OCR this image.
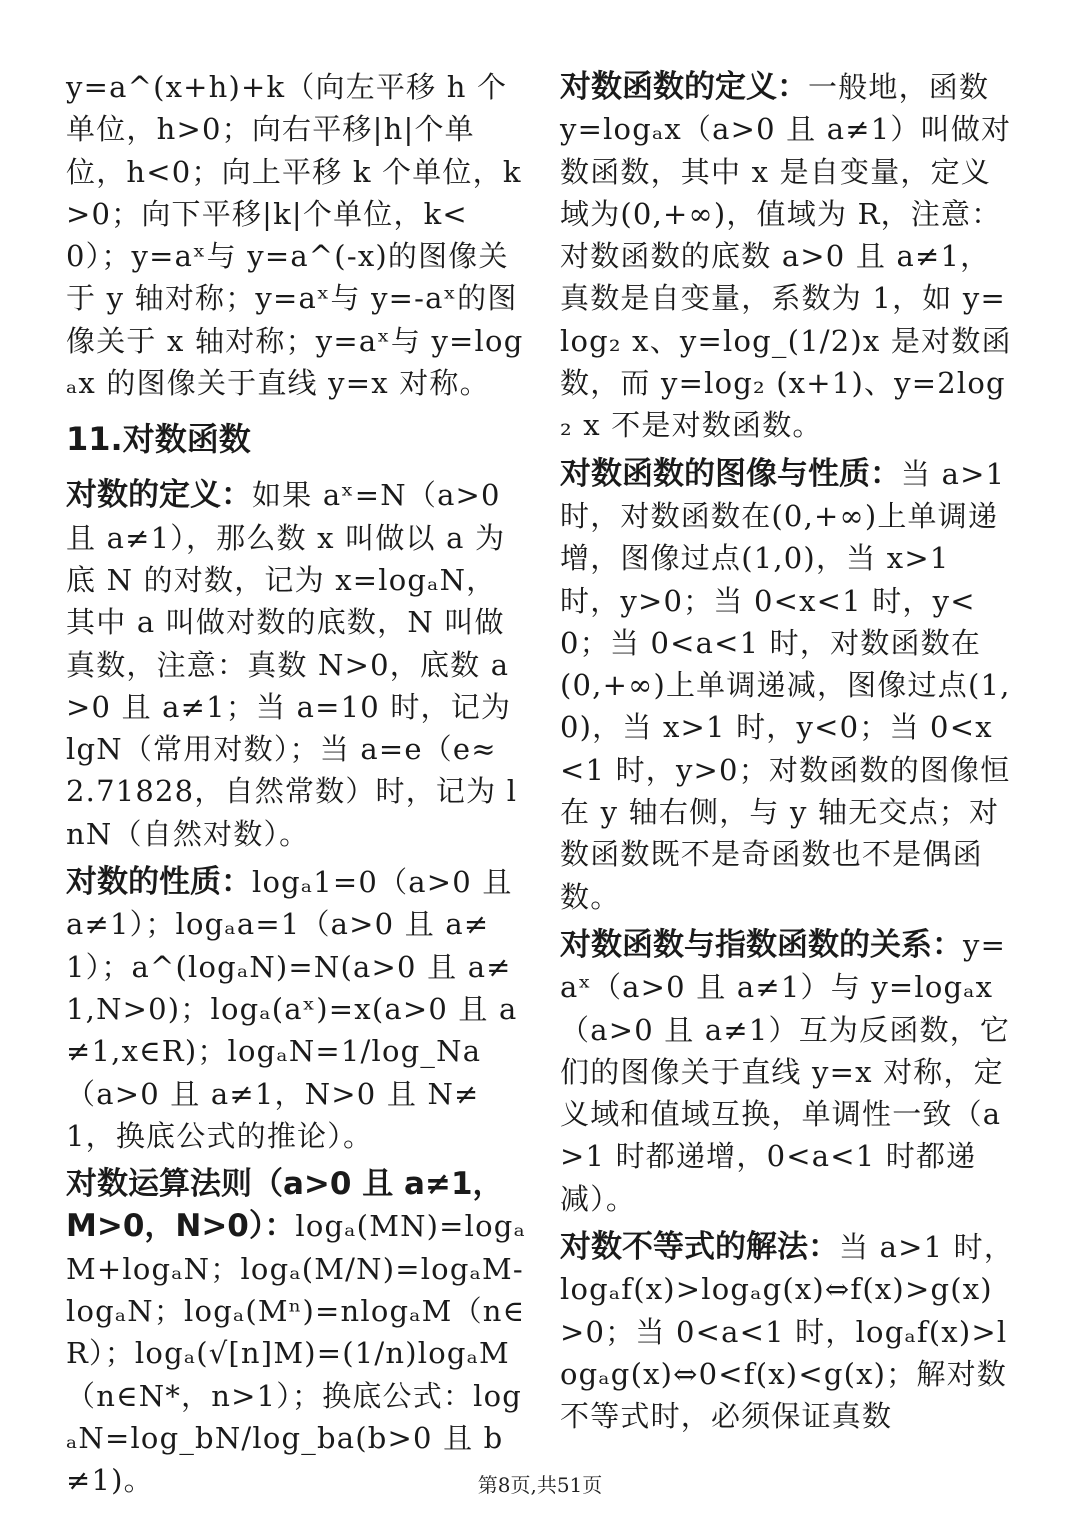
y=a^(x+h)+k（向左平移 h 个单位，h>0；向右平移|h|个单位，h<0；向上平移 k 个单位，k>0；向下平移|k|个单位，k<0）；y=aˣ与 y=a^(-x)的图像关于 y 轴对称；y=aˣ与 y=-aˣ的图像关于 x 轴对称；y=aˣ与 y=logₐx 的图像关于直线 y=x 对称。

11.对数函数

对数的定义：如果 aˣ=N（a>0 且 a≠1），那么数 x 叫做以 a 为底 N 的对数，记为 x=logₐN，其中 a 叫做对数的底数，N 叫做真数，注意：真数 N>0，底数 a>0 且 a≠1；当 a=10 时，记为 lgN（常用对数）；当 a=e（e≈2.71828，自然常数）时，记为 lnN（自然对数）。

对数的性质：logₐ1=0（a>0 且 a≠1）；logₐa=1（a>0 且 a≠1）；a^(logₐN)=N(a>0 且 a≠1,N>0)；logₐ(aˣ)=x(a>0 且 a≠1,x∈R)；logₐN=1/log_Na（a>0 且 a≠1，N>0 且 N≠1，换底公式的推论）。

对数运算法则（a>0 且 a≠1，M>0，N>0）：logₐ(MN)=logₐM+logₐN；logₐ(M/N)=logₐM-logₐN；logₐ(Mⁿ)=nlogₐM（n∈R）；logₐ(√[n]M)=(1/n)logₐM（n∈N*，n>1）；换底公式：logₐN=log_bN/log_ba(b>0 且 b≠1)。

对数函数的定义：一般地，函数 y=logₐx（a>0 且 a≠1）叫做对数函数，其中 x 是自变量，定义域为(0,+∞)，值域为 R，注意：对数函数的底数 a>0 且 a≠1，真数是自变量，系数为 1，如 y=log₂ x、y=log_(1/2)x 是对数函数，而 y=log₂ (x+1)、y=2log₂ x 不是对数函数。

对数函数的图像与性质：当 a>1 时，对数函数在(0,+∞)上单调递增，图像过点(1,0)，当 x>1 时，y>0；当 0<x<1 时，y<0；当 0<a<1 时，对数函数在(0,+∞)上单调递减，图像过点(1,0)，当 x>1 时，y<0；当 0<x<1 时，y>0；对数函数的图像恒在 y 轴右侧，与 y 轴无交点；对数函数既不是奇函数也不是偶函数。

对数函数与指数函数的关系：y=aˣ（a>0 且 a≠1）与 y=logₐx（a>0 且 a≠1）互为反函数，它们的图像关于直线 y=x 对称，定义域和值域互换，单调性一致（a>1 时都递增，0<a<1 时都递减）。

对数不等式的解法：当 a>1 时，logₐf(x)>logₐg(x)⇔f(x)>g(x)>0；当 0<a<1 时，logₐf(x)>logₐg(x)⇔0<f(x)<g(x)；解对数不等式时，必须保证真数

第8页,共51页
